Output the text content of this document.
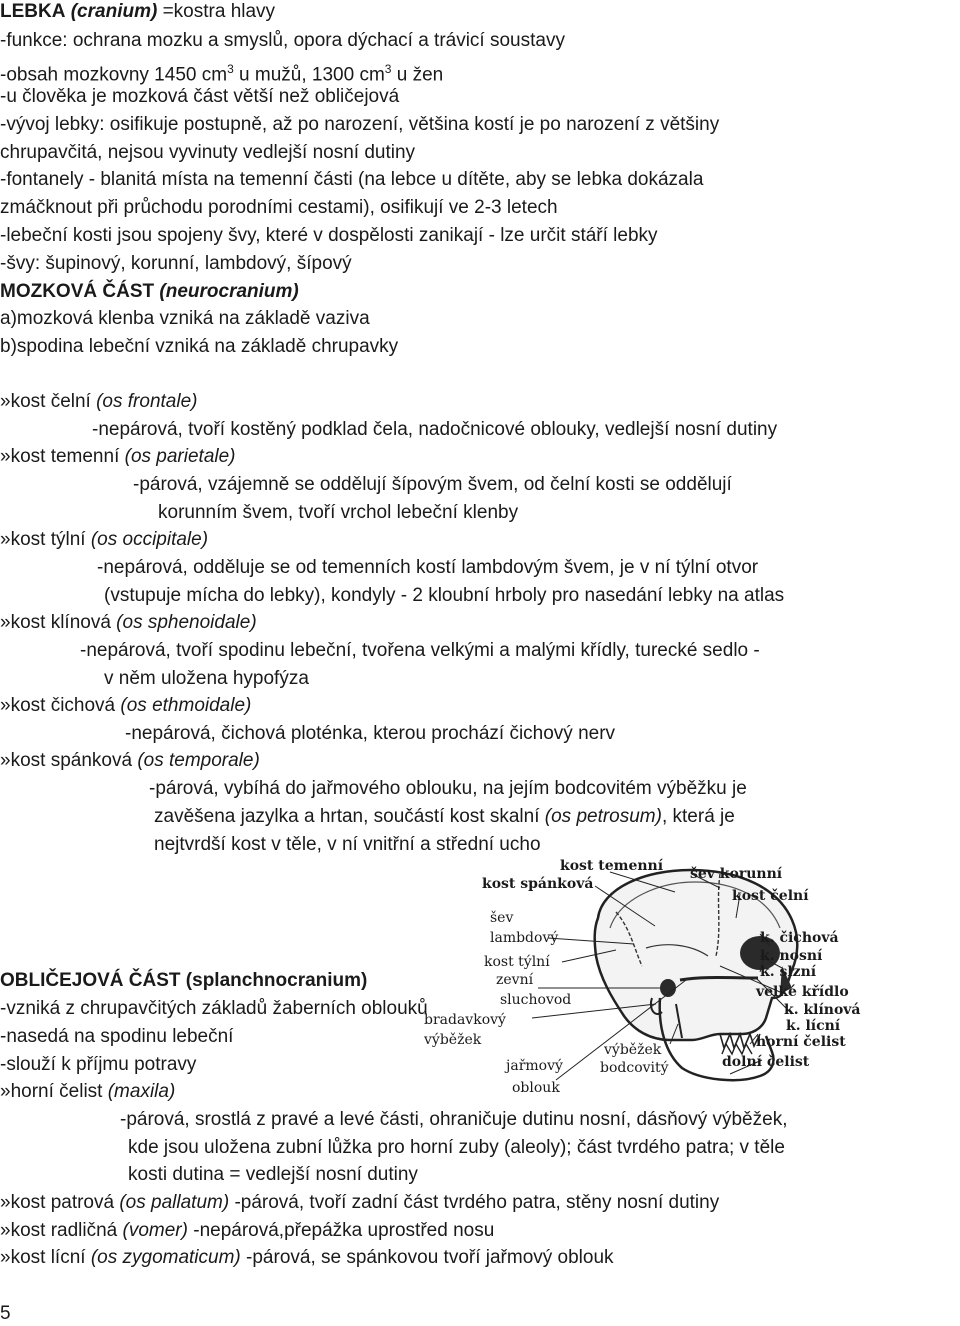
LEBKA (cranium) =kostra hlavy
-funkce: ochrana mozku a smyslů, opora dýchací a trávicí soustavy
-obsah mozkovny 1450 $cm^3$ u mužů, 1300 $cm^3$ u žen
-u člověka je mozková část větší než obličejová
-vývoj lebky: osifikuje postupně, až po narození, většina kostí je po narození z většiny
chrupavčitá, nejsou vyvinuty vedlejší nosní dutiny
-fontanely - blanitá místa na temenní části (na lebce u dítěte, aby se lebka dokázala
zmáčknout při průchodu porodními cestami), osifikují ve 2-3 letech
-lebeční kosti jsou spojeny švy, které v dospělosti zanikají - lze určit stáří lebky
-švy: šupinový, korunní, lambdový, šípový
MOZKOVÁ ČÁST (neurocranium)
a)mozková klenba vzniká na základě vaziva
b)spodina lebeční vzniká na základě chrupavky
»kost čelní (os frontale)
-nepárová, tvoří kostěný podklad čela, nadočnicové oblouky, vedlejší nosní dutiny
»kost temenní (os parietale)
-párová, vzájemně se oddělují šípovým švem, od čelní kosti se oddělují
korunním švem, tvoří vrchol lebeční klenby
»kost týlní (os occipitale)
-nepárová, odděluje se od temenních kostí lambdovým švem, je v ní týlní otvor
(vstupuje mícha do lebky), kondyly - 2 kloubní hrboly pro nasedání lebky na atlas
»kost klínová (os sphenoidale)
-nepárová, tvoří spodinu lebeční, tvořena velkými a malými křídly, turecké sedlo -
v něm uložena hypofýza
»kost čichová (os ethmoidale)
-nepárová, čichová ploténka, kterou prochází čichový nerv
»kost spánková (os temporale)
-párová, vybíhá do jařmového oblouku, na jejím bodcovitém výběžku je
zavěšena jazylka a hrtan, součástí kost skalní (os petrosum), která je
nejtvrdší kost v těle, v ní vnitřní a střední ucho
kost temenní šev korunní
kost spánková
kost čelní
šev
lambdový	k. čichová
kost týlní	k. nosní
zevní	k. slzní
sluchovod	velké křídlo
k. klínová
bradavkový	k. lícní
výběžek	horní čelist
výběžek
bodcovitý	dolní čelist
jařmový
oblouk
OBLIČEJOVÁ ČÁST (splanchnocranium)
-vzniká z chrupavčitých základů žaberních oblouků
-nasedá na spodinu lebeční
-slouží k příjmu potravy
»horní čelist (maxila)
-párová, srostlá z pravé a levé části, ohraničuje dutinu nosní, dásňový výběžek,
kde jsou uložena zubní lůžka pro horní zuby (aleoly); část tvrdého patra; v těle
kosti dutina = vedlejší nosní dutiny
»kost patrová (os pallatum) -párová, tvoří zadní část tvrdého patra, stěny nosní dutiny
»kost radličná (vomer) -nepárová,přepážka uprostřed nosu
»kost lícní (os zygomaticum) -párová, se spánkovou tvoří jařmový oblouk
5
